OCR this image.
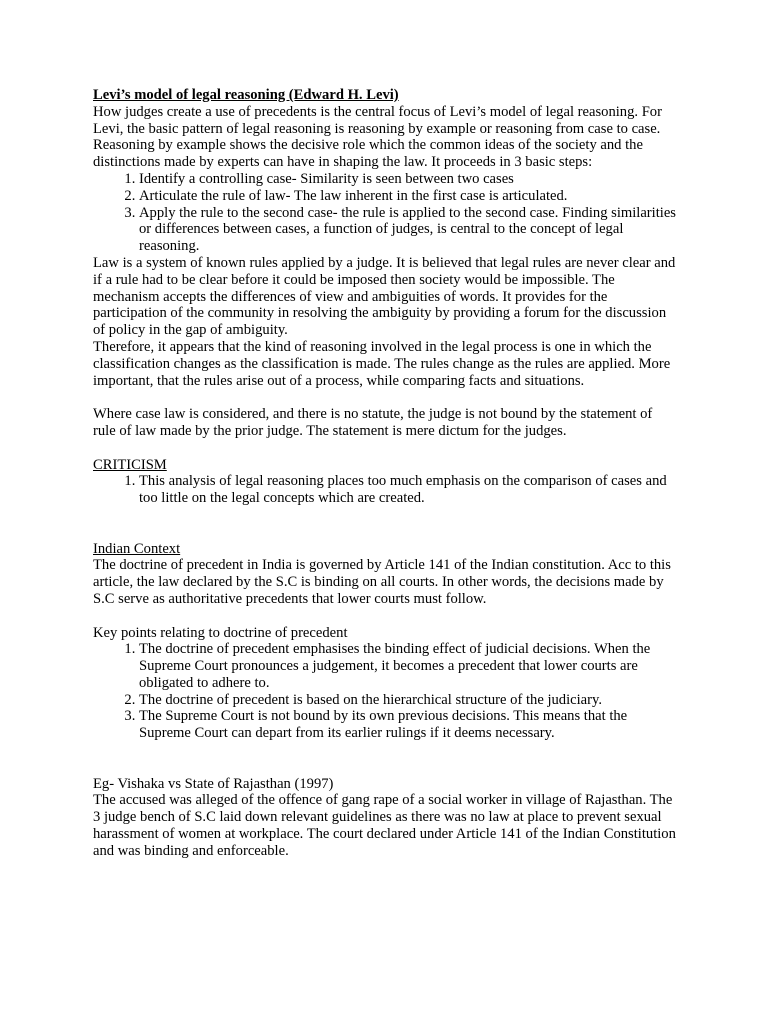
Levi’s model of legal reasoning (Edward H. Levi)

How judges create a use of precedents is the central focus of Levi’s model of legal reasoning. For Levi, the basic pattern of legal reasoning is reasoning by example or reasoning from case to case. Reasoning by example shows the decisive role which the common ideas of the society and the distinctions made by experts can have in shaping the law. It proceeds in 3 basic steps:

1. Identify a controlling case- Similarity is seen between two cases
2. Articulate the rule of law- The law inherent in the first case is articulated.
3. Apply the rule to the second case- the rule is applied to the second case. Finding similarities or differences between cases, a function of judges, is central to the concept of legal reasoning.

Law is a system of known rules applied by a judge. It is believed that legal rules are never clear and if a rule had to be clear before it could be imposed then society would be impossible. The mechanism accepts the differences of view and ambiguities of words. It provides for the participation of the community in resolving the ambiguity by providing a forum for the discussion of policy in the gap of ambiguity.

Therefore, it appears that the kind of reasoning involved in the legal process is one in which the classification changes as the classification is made. The rules change as the rules are applied. More important, that the rules arise out of a process, while comparing facts and situations.

Where case law is considered, and there is no statute, the judge is not bound by the statement of rule of law made by the prior judge. The statement is mere dictum for the judges.

CRITICISM

1. This analysis of legal reasoning places too much emphasis on the comparison of cases and too little on the legal concepts which are created.

Indian Context

The doctrine of precedent in India is governed by Article 141 of the Indian constitution. Acc to this article, the law declared by the S.C is binding on all courts. In other words, the decisions made by S.C serve as authoritative precedents that lower courts must follow.

Key points relating to doctrine of precedent

1. The doctrine of precedent emphasises the binding effect of judicial decisions. When the Supreme Court pronounces a judgement, it becomes a precedent that lower courts are obligated to adhere to.
2. The doctrine of precedent is based on the hierarchical structure of the judiciary.
3. The Supreme Court is not bound by its own previous decisions. This means that the Supreme Court can depart from its earlier rulings if it deems necessary.

Eg- Vishaka vs State of Rajasthan (1997)

The accused was alleged of the offence of gang rape of a social worker in village of Rajasthan. The 3 judge bench of S.C laid down relevant guidelines as there was no law at place to prevent sexual harassment of women at workplace. The court declared under Article 141 of the Indian Constitution and was binding and enforceable.
